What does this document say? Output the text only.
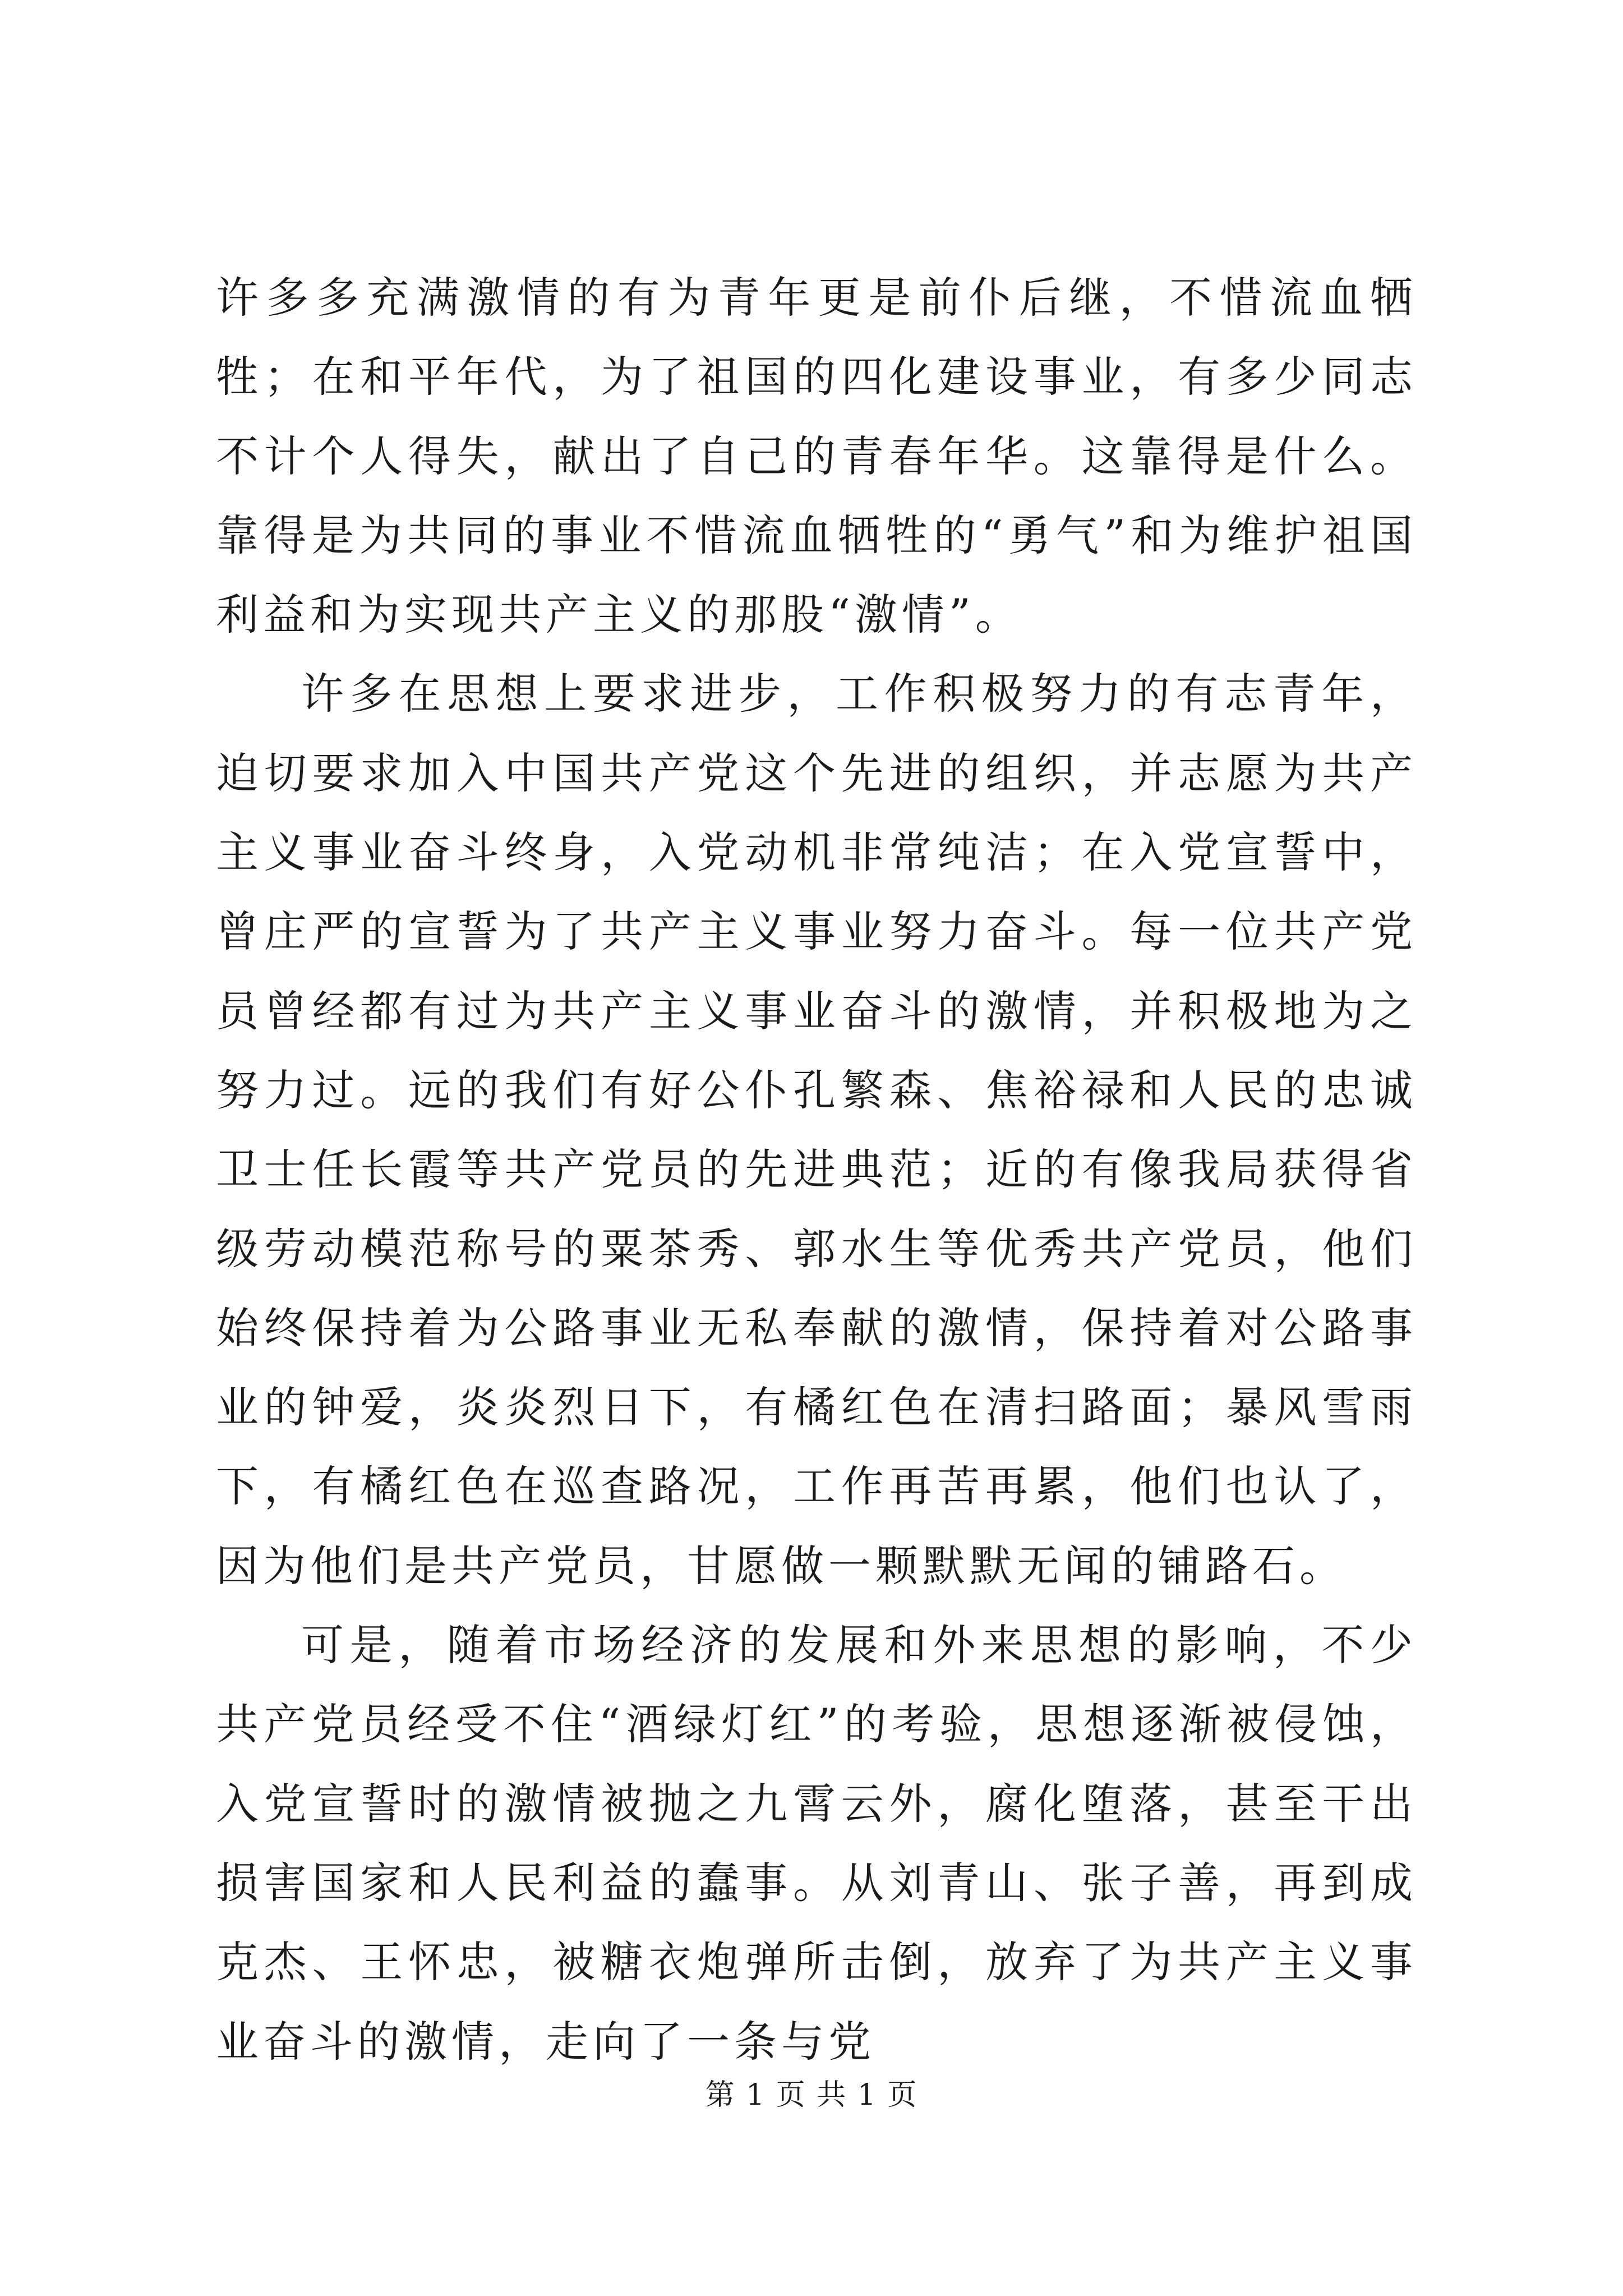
许多多充满激情的有为青年更是前仆后继，不惜流血牺牲；在和平年代，为了祖国的四化建设事业，有多少同志不计个人得失，献出了自己的青春年华。这靠得是什么。靠得是为共同的事业不惜流血牺牲的“勇气”和为维护祖国利益和为实现共产主义的那股“激情”。

许多在思想上要求进步，工作积极努力的有志青年，迫切要求加入中国共产党这个先进的组织，并志愿为共产主义事业奋斗终身，入党动机非常纯洁；在入党宣誓中，曾庄严的宣誓为了共产主义事业努力奋斗。每一位共产党员曾经都有过为共产主义事业奋斗的激情，并积极地为之努力过。远的我们有好公仆孔繁森、焦裕禄和人民的忠诚卫士任长霞等共产党员的先进典范；近的有像我局获得省级劳动模范称号的粟茶秀、郭水生等优秀共产党员，他们始终保持着为公路事业无私奉献的激情，保持着对公路事业的钟爱，炎炎烈日下，有橘红色在清扫路面；暴风雪雨下，有橘红色在巡查路况，工作再苦再累，他们也认了，因为他们是共产党员，甘愿做一颗默默无闻的铺路石。

可是，随着市场经济的发展和外来思想的影响，不少共产党员经受不住“酒绿灯红”的考验，思想逐渐被侵蚀，入党宣誓时的激情被抛之九霄云外，腐化堕落，甚至干出损害国家和人民利益的蠢事。从刘青山、张子善，再到成克杰、王怀忠，被糖衣炮弹所击倒，放弃了为共产主义事业奋斗的激情，走向了一条与党

第 1 页 共 1 页
